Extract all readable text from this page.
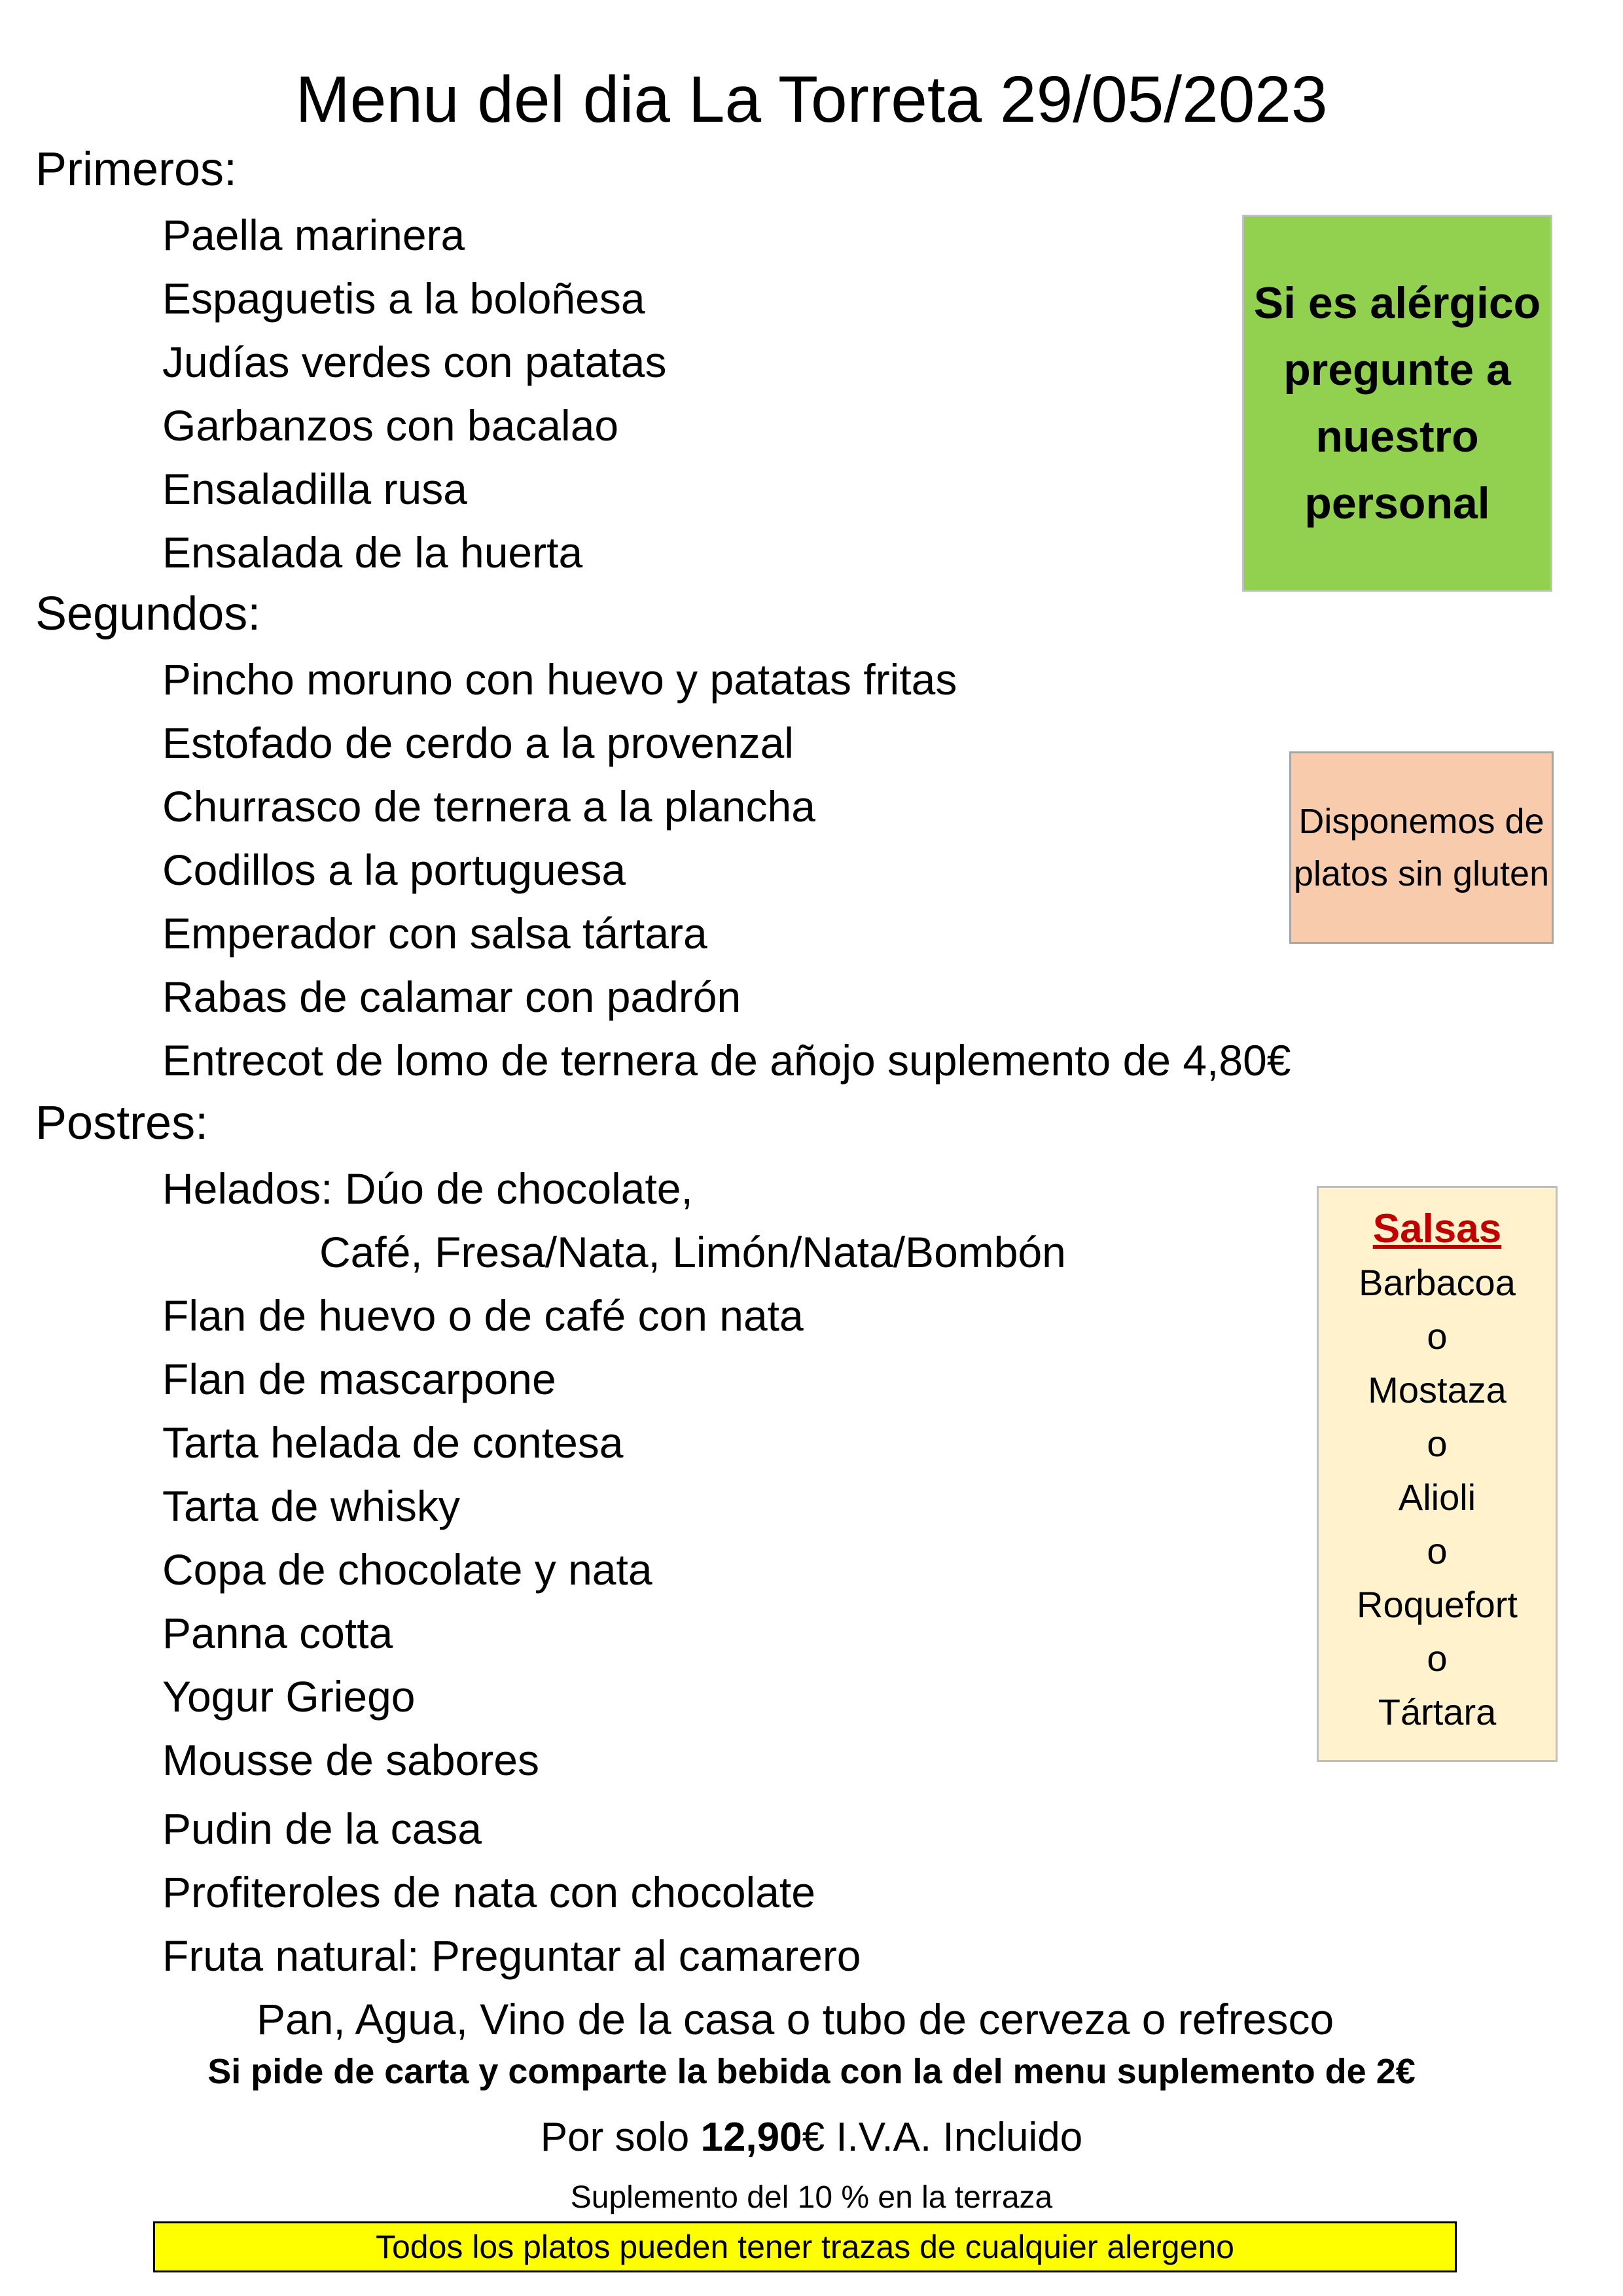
Menu del dia La Torreta 29/05/2023
Primeros:
Paella marinera
Espaguetis a la boloñesa
Judías verdes con patatas
Garbanzos con bacalao
Ensaladilla rusa
Ensalada de la huerta
Segundos:
Pincho moruno con huevo y patatas fritas
Estofado de cerdo a la provenzal
Churrasco de ternera a la plancha
Codillos a la portuguesa
Emperador con salsa tártara
Rabas de calamar con padrón
Entrecot de lomo de ternera de añojo suplemento de 4,80€
Postres:
Helados: Dúo de chocolate,
Café, Fresa/Nata, Limón/Nata/Bombón
Flan de huevo o de café con nata
Flan de mascarpone
Tarta helada de contesa
Tarta de whisky
Copa de chocolate y nata
Panna cotta
Yogur Griego
Mousse de sabores
Pudin de la casa
Profiteroles de nata con chocolate
Fruta natural: Preguntar al camarero
Pan, Agua, Vino de la casa o tubo de cerveza o refresco
Si pide de carta y comparte la bebida con la del menu suplemento de 2€
Por solo 12,90€ I.V.A. Incluido
Suplemento del 10 % en la terraza
Todos los platos pueden tener trazas de cualquier alergeno
Si es alérgico pregunte a nuestro personal
Disponemos de platos sin gluten
Salsas
Barbacoa
o
Mostaza
o
Alioli
o
Roquefort
o
Tártara
